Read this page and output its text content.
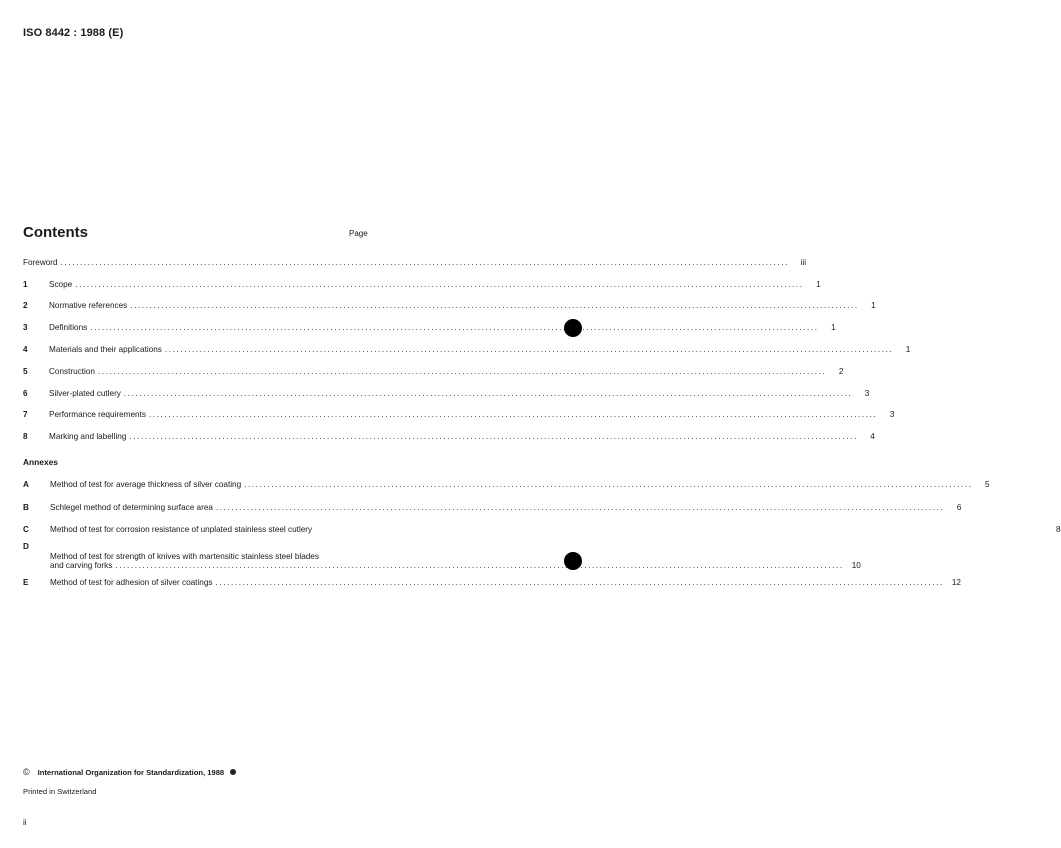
ISO 8442 : 1988 (E)
Contents	Page
Foreword .....	iii
1	Scope .....	1
2	Normative references .....	1
3	Definitions .....	1
4	Materials and their applications .....	1
5	Construction .....	2
6	Silver-plated cutlery .....	3
7	Performance requirements .....	3
8	Marking and labelling .....	4
Annexes
A	Method of test for average thickness of silver coating .....	5
B	Schlegel method of determining surface area .....	6
C	Method of test for corrosion resistance of unplated stainless steel cutlery	8
D
Method of test for strength of knives with martensitic stainless steel blades
and carving forks .....	10
E	Method of test for adhesion of silver coatings .....	12
© International Organization for Standardization, 1988
Printed in Switzerland
ii
